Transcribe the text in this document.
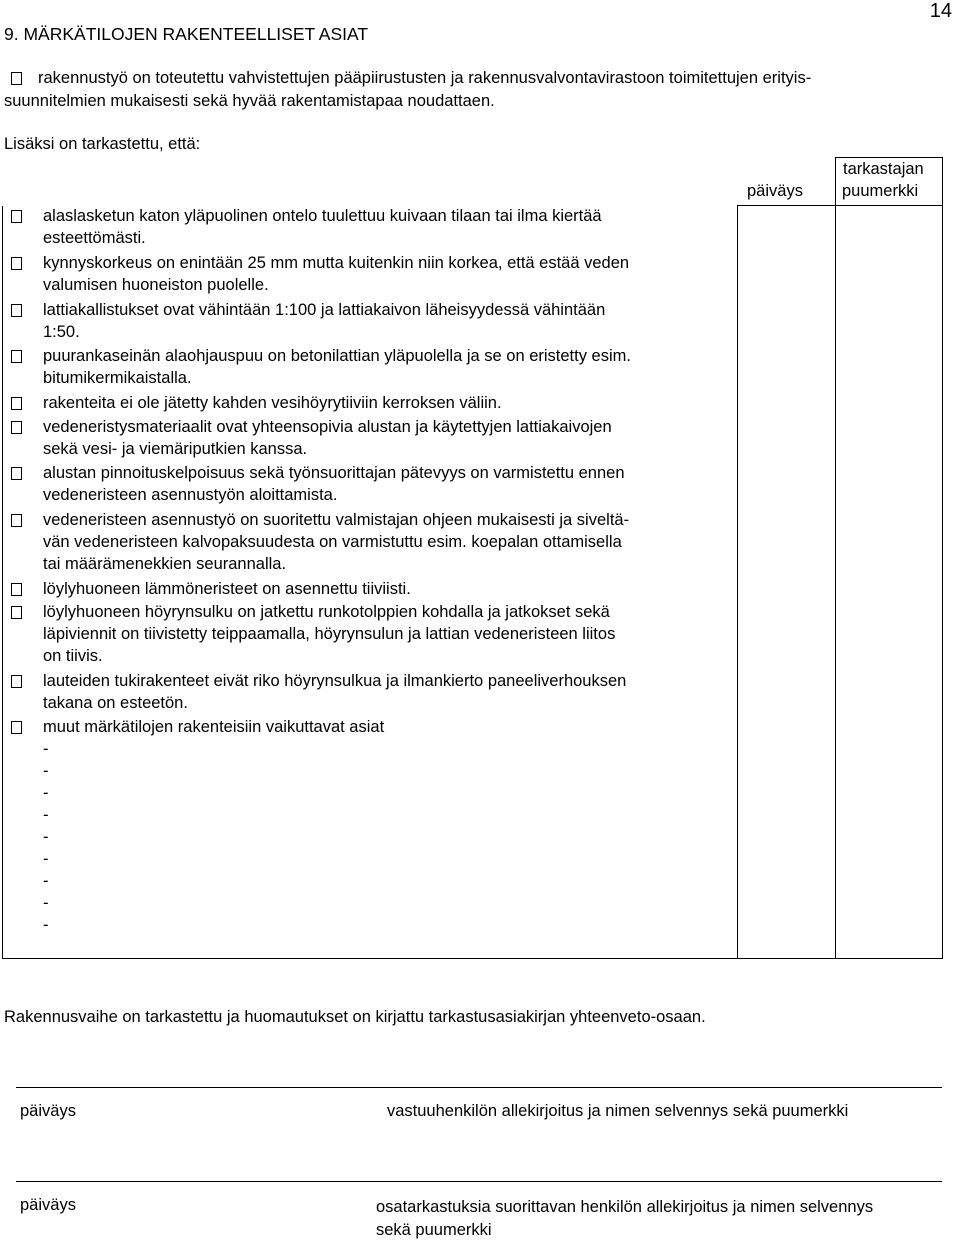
14
9. MÄRKÄTILOJEN RAKENTEELLISET ASIAT
rakennustyö on toteutettu vahvistettujen pääpiirustusten ja rakennusvalvontavirastoon toimitettujen erityis-
suunnitelmien mukaisesti sekä hyvää rakentamistapaa noudattaen.
Lisäksi on tarkastettu, että:
päiväys
tarkastajan
puumerkki
alaslasketun katon yläpuolinen ontelo tuulettuu kuivaan tilaan tai ilma kiertää
esteettömästi.
kynnyskorkeus on enintään 25 mm mutta kuitenkin niin korkea, että estää veden
valumisen huoneiston puolelle.
lattiakallistukset ovat vähintään 1:100 ja lattiakaivon läheisyydessä vähintään
1:50.
puurankaseinän alaohjauspuu on betonilattian yläpuolella ja se on eristetty esim.
bitumikermikaistalla.
rakenteita ei ole jätetty kahden vesihöyrytiiviin kerroksen väliin.
vedeneristysmateriaalit ovat yhteensopivia alustan ja käytettyjen lattiakaivojen
sekä vesi- ja viemäriputkien kanssa.
alustan pinnoituskelpoisuus sekä työnsuorittajan pätevyys on varmistettu ennen
vedeneristeen asennustyön aloittamista.
vedeneristeen asennustyö on suoritettu valmistajan ohjeen mukaisesti ja siveltä-
vän vedeneristeen kalvopaksuudesta on varmistuttu esim. koepalan ottamisella
tai määrämenekkien seurannalla.
löylyhuoneen lämmöneristeet on asennettu tiiviisti.
löylyhuoneen höyrynsulku on jatkettu runkotolppien kohdalla ja jatkokset sekä
läpiviennit on tiivistetty teippaamalla, höyrynsulun ja lattian vedeneristeen liitos
on tiivis.
lauteiden tukirakenteet eivät riko höyrynsulkua ja ilmankierto paneeliverhouksen
takana on esteetön.
muut märkätilojen rakenteisiin vaikuttavat asiat
-
-
-
-
-
-
-
-
-
Rakennusvaihe on tarkastettu ja huomautukset on kirjattu tarkastusasiakirjan yhteenveto-osaan.
päiväys	vastuuhenkilön allekirjoitus ja nimen selvennys sekä puumerkki
päiväys	osatarkastuksia suorittavan henkilön allekirjoitus ja nimen selvennys
sekä puumerkki
